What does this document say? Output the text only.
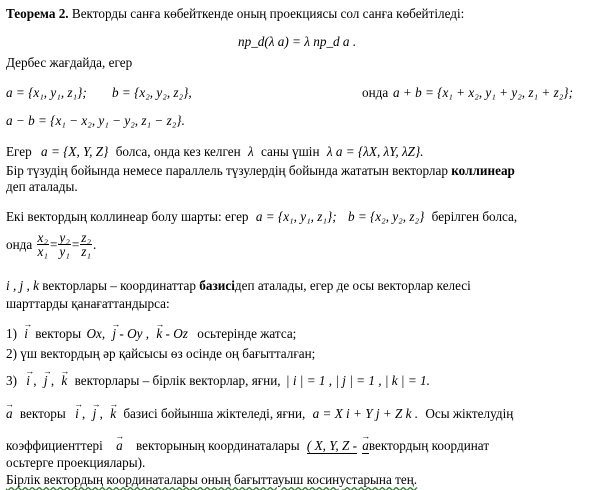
Теорема 2. Векторды санға көбейткенде оның проекциясы сол санға көбейтіледі:
np_d(λ a) = λ np_d a .
Дербес жағдайда, егер
a = {x₁, y₁, z₁}; b = {x₂, y₂, z₂},	онда a + b = {x₁ + x₂, y₁ + y₂, z₁ + z₂};
a − b = {x₁ − x₂, y₁ − y₂, z₁ − z₂}.
Егер a = {X, Y, Z} болса, онда кез келген λ саны үшін λ a = {λX, λY, λZ}.
Бір түзудің бойында немесе параллель түзулердің бойында жататын векторлар коллинеар
деп аталады.
Екі вектордың коллинеар болу шарты: егер a = {x₁, y₁, z₁}; b = {x₂, y₂, z₂} берілген болса,
онда $\frac{\text{x₂}}{\text{x₁}} = \frac{\text{y₂}}{\text{y₁}} = \frac{\text{z₂}}{\text{z₁}}$ .
i , j , k векторлары – координаттар базисідеп аталады, егер де осы векторлар келесі
шарттарды қанағаттандырса:
1) → i векторы Ox, → j - Oy , → k - Oz осьтерінде жатса;
2) үш вектордың әр қайсысы өз осінде оң бағытталған;
3) → i , → j , → k векторлары – бірлік векторлар, яғни, | i | = 1 , | j | = 1 , | k | = 1.
→ a векторы → i , → j , → k базисі бойынша жіктеледі, яғни, a = X i + Y j + Z k . Осы жіктелудің
коэффициенттері → a векторының координаталары ( X, Y, Z - → aвектордың координат
осьтерге проекциялары).
Бірлік вектордың координаталары оның бағыттауыш косинустарына тең.
